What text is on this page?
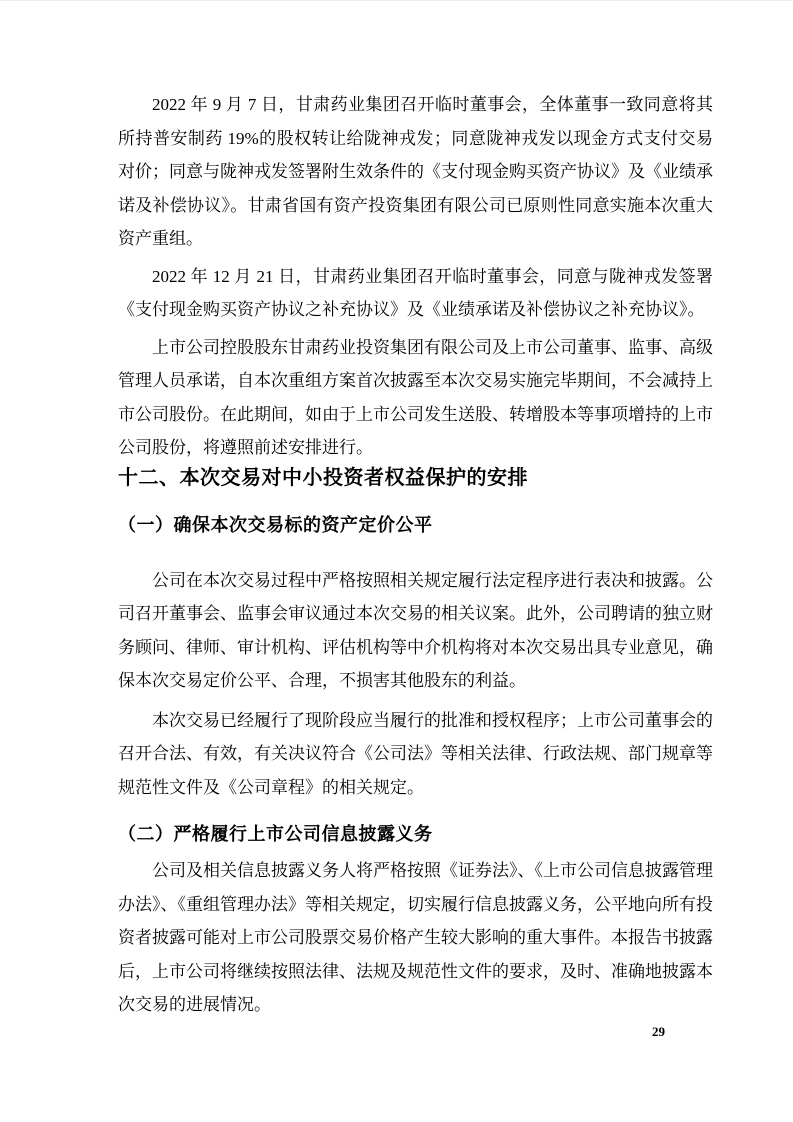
2022 年 9 月 7 日，甘肃药业集团召开临时董事会，全体董事一致同意将其所持普安制药 19%的股权转让给陇神戎发；同意陇神戎发以现金方式支付交易对价；同意与陇神戎发签署附生效条件的《支付现金购买资产协议》及《业绩承诺及补偿协议》。甘肃省国有资产投资集团有限公司已原则性同意实施本次重大资产重组。

2022 年 12 月 21 日，甘肃药业集团召开临时董事会，同意与陇神戎发签署《支付现金购买资产协议之补充协议》及《业绩承诺及补偿协议之补充协议》。

上市公司控股股东甘肃药业投资集团有限公司及上市公司董事、监事、高级管理人员承诺，自本次重组方案首次披露至本次交易实施完毕期间，不会减持上市公司股份。在此期间，如由于上市公司发生送股、转增股本等事项增持的上市公司股份，将遵照前述安排进行。

十二、本次交易对中小投资者权益保护的安排
（一）确保本次交易标的资产定价公平

公司在本次交易过程中严格按照相关规定履行法定程序进行表决和披露。公司召开董事会、监事会审议通过本次交易的相关议案。此外，公司聘请的独立财务顾问、律师、审计机构、评估机构等中介机构将对本次交易出具专业意见，确保本次交易定价公平、合理，不损害其他股东的利益。

本次交易已经履行了现阶段应当履行的批准和授权程序；上市公司董事会的召开合法、有效，有关决议符合《公司法》等相关法律、行政法规、部门规章等规范性文件及《公司章程》的相关规定。

（二）严格履行上市公司信息披露义务

公司及相关信息披露义务人将严格按照《证券法》、《上市公司信息披露管理办法》、《重组管理办法》等相关规定，切实履行信息披露义务，公平地向所有投资者披露可能对上市公司股票交易价格产生较大影响的重大事件。本报告书披露后，上市公司将继续按照法律、法规及规范性文件的要求，及时、准确地披露本次交易的进展情况。

29
